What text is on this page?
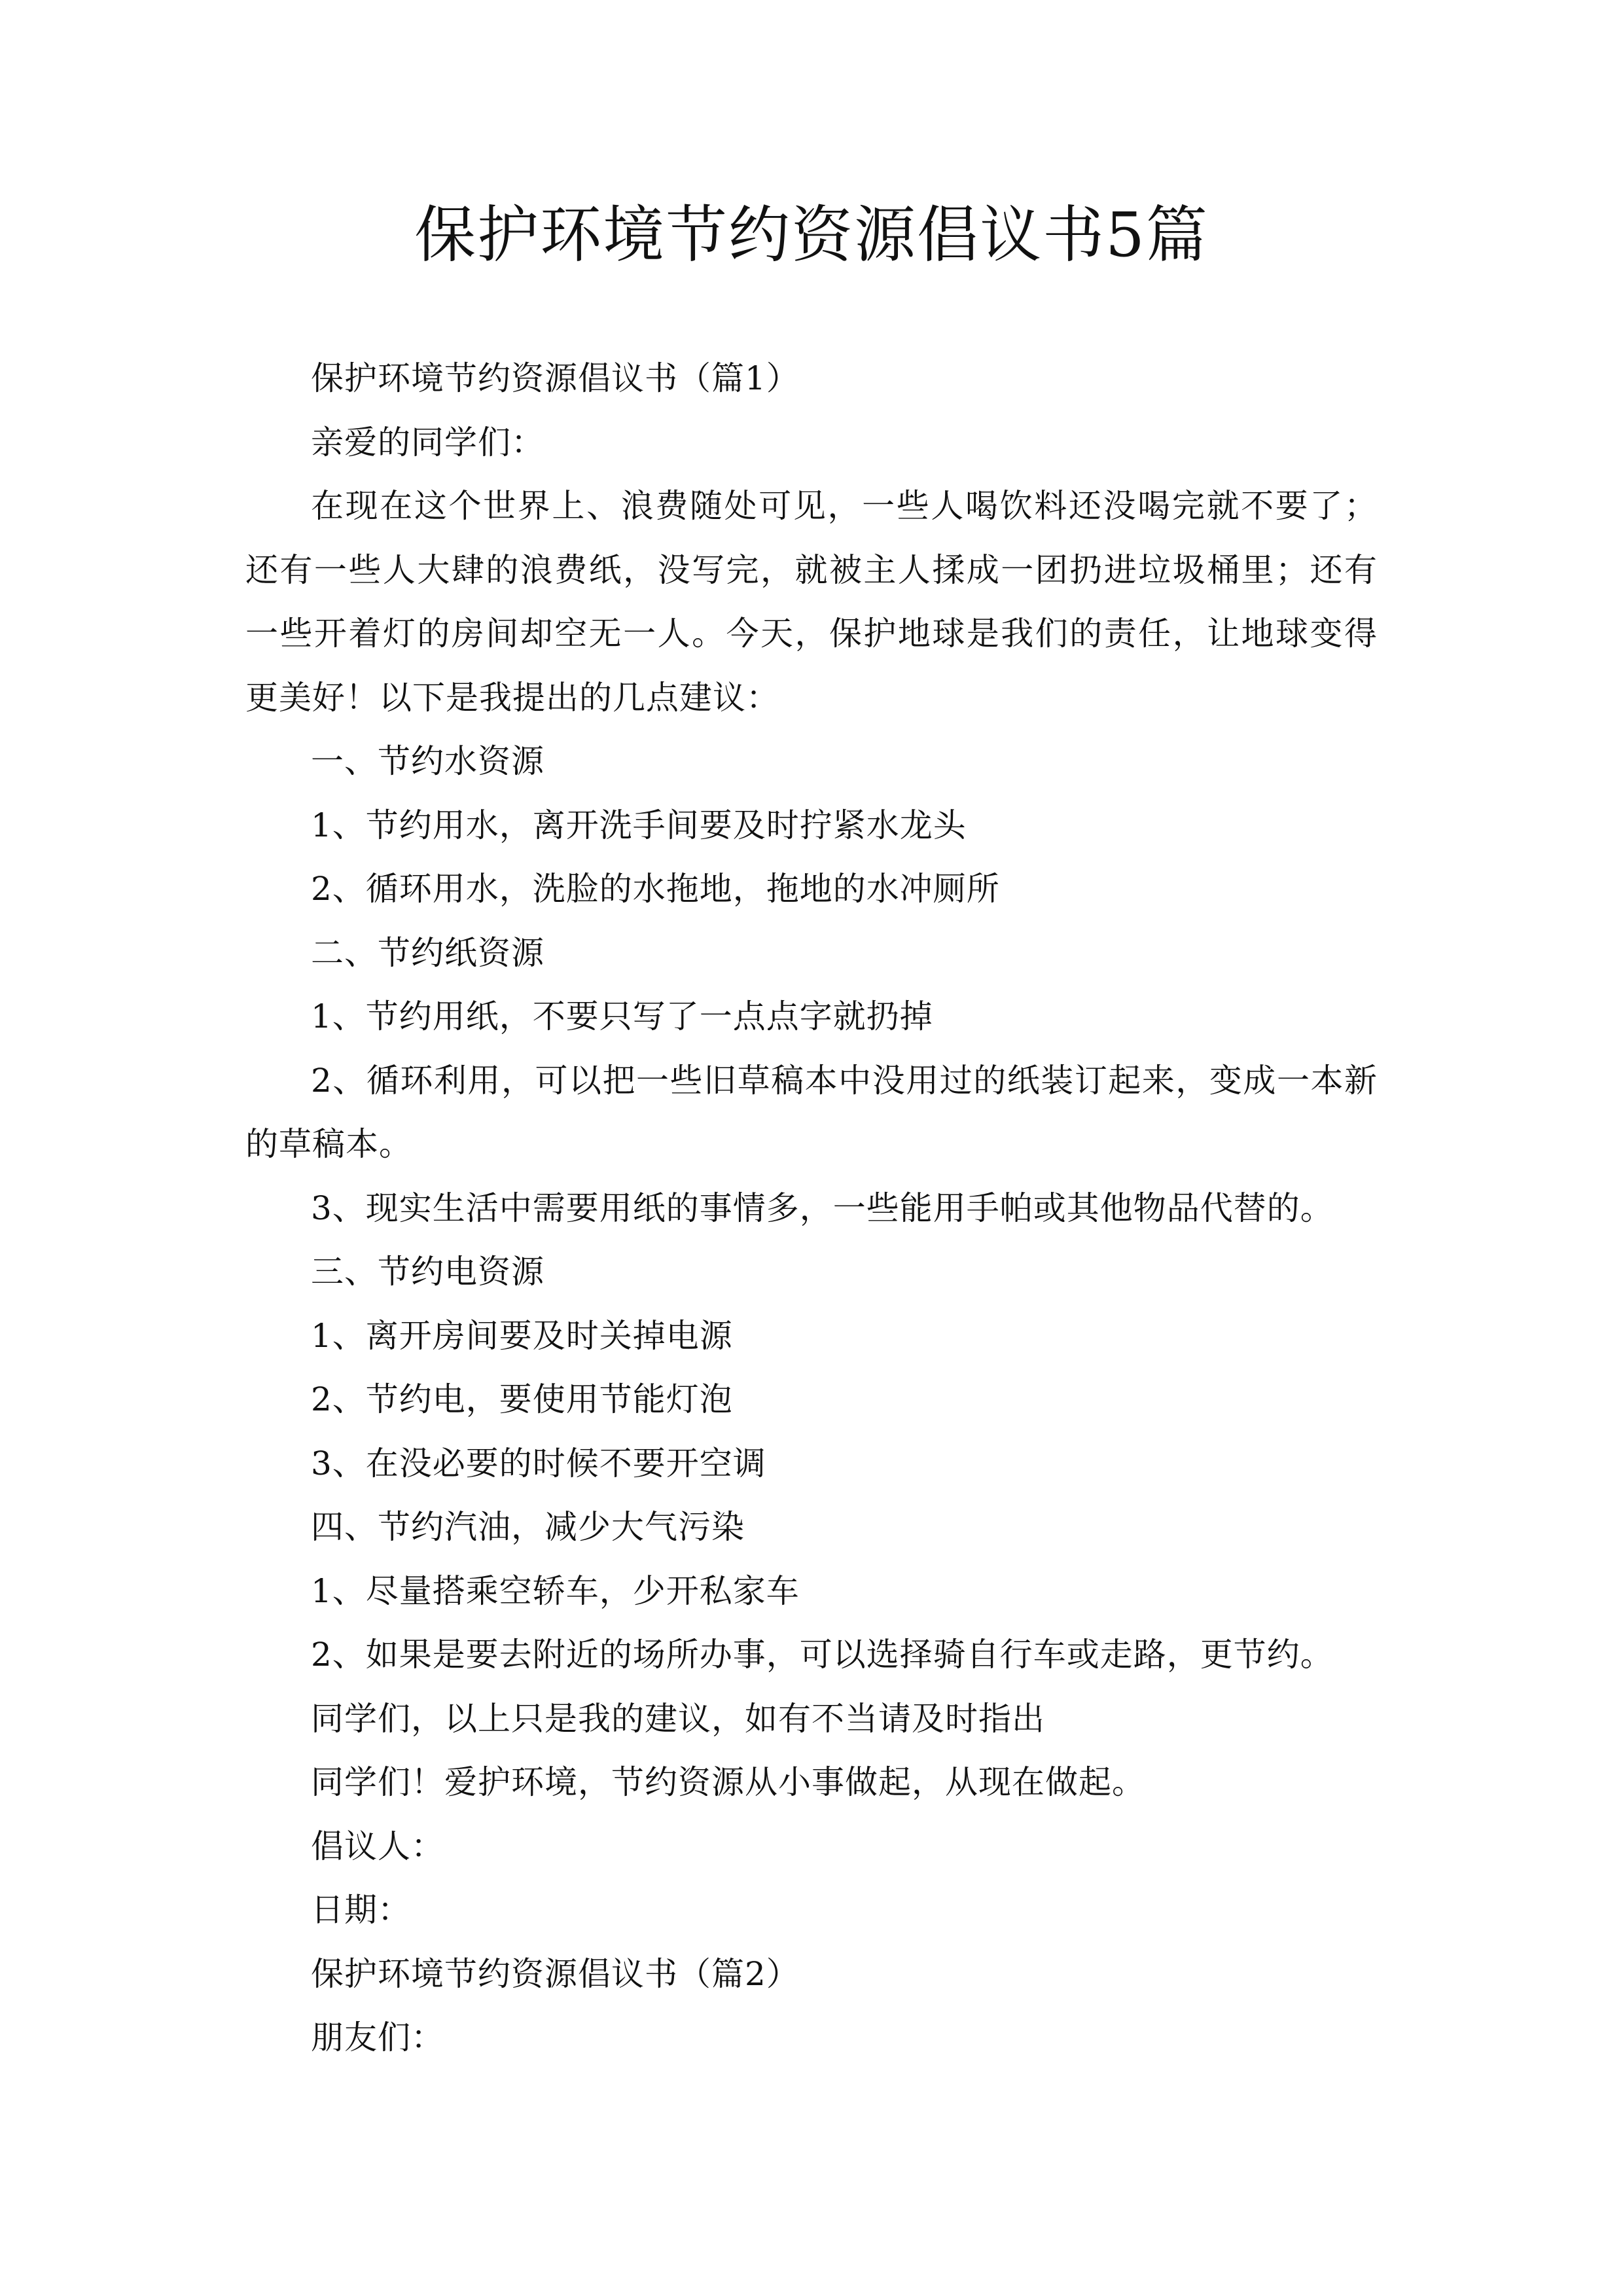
保护环境节约资源倡议书5篇

保护环境节约资源倡议书（篇1）

亲爱的同学们：

在现在这个世界上、浪费随处可见，一些人喝饮料还没喝完就不要了；还有一些人大肆的浪费纸，没写完，就被主人揉成一团扔进垃圾桶里；还有一些开着灯的房间却空无一人。今天，保护地球是我们的责任，让地球变得更美好！以下是我提出的几点建议：

一、节约水资源

1、节约用水，离开洗手间要及时拧紧水龙头

2、循环用水，洗脸的水拖地，拖地的水冲厕所

二、节约纸资源

1、节约用纸，不要只写了一点点字就扔掉

2、循环利用，可以把一些旧草稿本中没用过的纸装订起来，变成一本新的草稿本。

3、现实生活中需要用纸的事情多，一些能用手帕或其他物品代替的。

三、节约电资源

1、离开房间要及时关掉电源

2、节约电，要使用节能灯泡

3、在没必要的时候不要开空调

四、节约汽油，减少大气污染

1、尽量搭乘空轿车，少开私家车

2、如果是要去附近的场所办事，可以选择骑自行车或走路，更节约。

同学们，以上只是我的建议，如有不当请及时指出

同学们！爱护环境，节约资源从小事做起，从现在做起。

倡议人：

日期：

保护环境节约资源倡议书（篇2）

朋友们：
